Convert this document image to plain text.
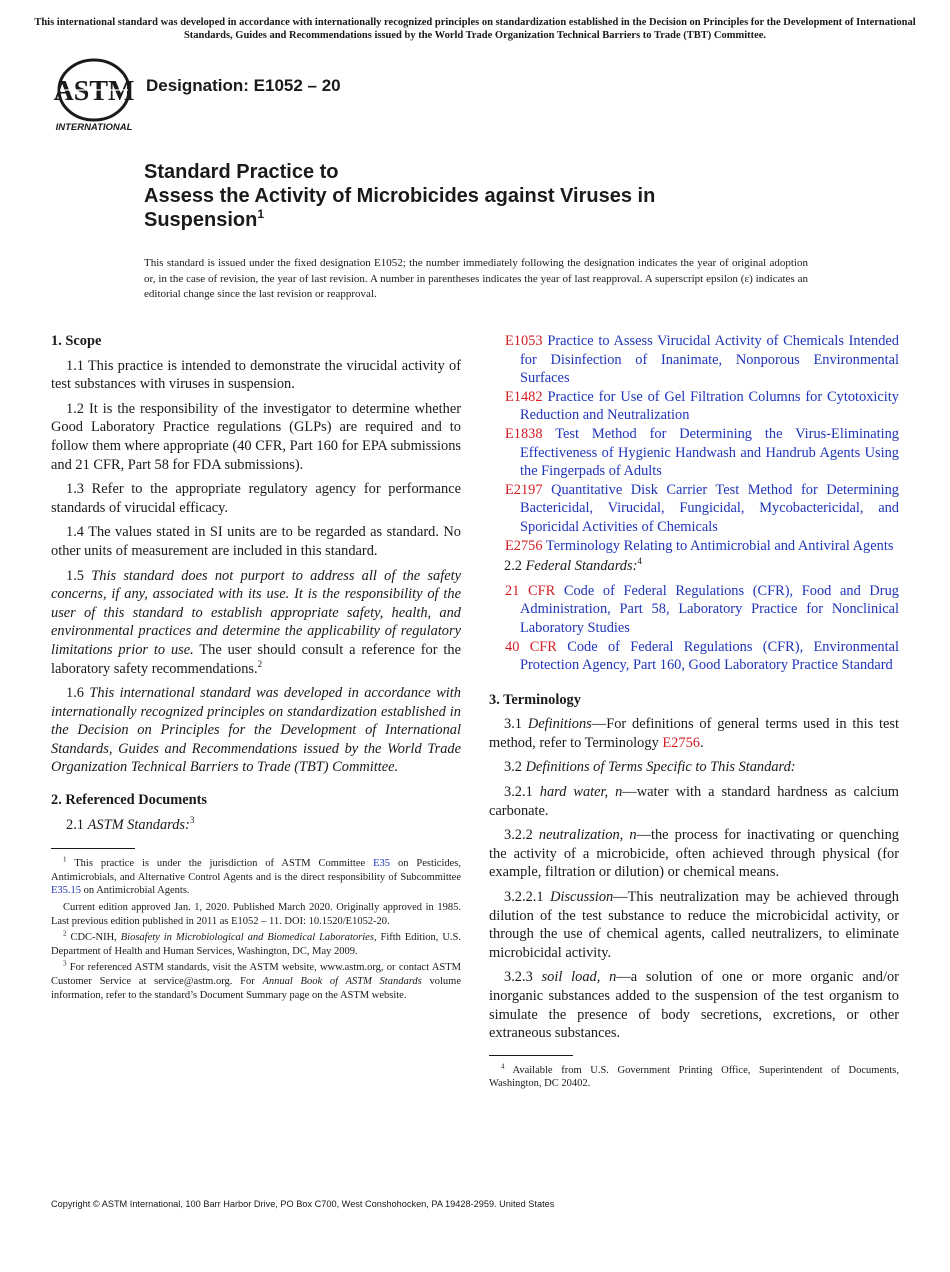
This international standard was developed in accordance with internationally recognized principles on standardization established in the Decision on Principles for the Development of International Standards, Guides and Recommendations issued by the World Trade Organization Technical Barriers to Trade (TBT) Committee.
ASTM
INTERNATIONAL
Designation: E1052 – 20
Standard Practice to
Assess the Activity of Microbicides against Viruses in
Suspension$^1$
This standard is issued under the fixed designation E1052; the number immediately following the designation indicates the year of original adoption or, in the case of revision, the year of last revision. A number in parentheses indicates the year of last reapproval. A superscript epsilon (ε) indicates an editorial change since the last revision or reapproval.
1. Scope

1.1 This practice is intended to demonstrate the virucidal activity of test substances with viruses in suspension.

1.2 It is the responsibility of the investigator to determine whether Good Laboratory Practice regulations (GLPs) are required and to follow them where appropriate (40 CFR, Part 160 for EPA submissions and 21 CFR, Part 58 for FDA submissions).

1.3 Refer to the appropriate regulatory agency for performance standards of virucidal efficacy.

1.4 The values stated in SI units are to be regarded as standard. No other units of measurement are included in this standard.

1.5 This standard does not purport to address all of the safety concerns, if any, associated with its use. It is the responsibility of the user of this standard to establish appropriate safety, health, and environmental practices and determine the applicability of regulatory limitations prior to use. The user should consult a reference for the laboratory safety recommendations.$^2$

1.6 This international standard was developed in accordance with internationally recognized principles on standardization established in the Decision on Principles for the Development of International Standards, Guides and Recommendations issued by the World Trade Organization Technical Barriers to Trade (TBT) Committee.

2. Referenced Documents

2.1 ASTM Standards:$^3$

$^1$ This practice is under the jurisdiction of ASTM Committee E35 on Pesticides, Antimicrobials, and Alternative Control Agents and is the direct responsibility of Subcommittee E35.15 on Antimicrobial Agents.

Current edition approved Jan. 1, 2020. Published March 2020. Originally approved in 1985. Last previous edition published in 2011 as E1052 – 11. DOI: 10.1520/E1052-20.

$^2$ CDC-NIH, Biosafety in Microbiological and Biomedical Laboratories, Fifth Edition, U.S. Department of Health and Human Services, Washington, DC, May 2009.

$^3$ For referenced ASTM standards, visit the ASTM website, www.astm.org, or contact ASTM Customer Service at service@astm.org. For Annual Book of ASTM Standards volume information, refer to the standard’s Document Summary page on the ASTM website.

E1053 Practice to Assess Virucidal Activity of Chemicals Intended for Disinfection of Inanimate, Nonporous Environmental Surfaces
E1482 Practice for Use of Gel Filtration Columns for Cytotoxicity Reduction and Neutralization
E1838 Test Method for Determining the Virus-Eliminating Effectiveness of Hygienic Handwash and Handrub Agents Using the Fingerpads of Adults
E2197 Quantitative Disk Carrier Test Method for Determining Bactericidal, Virucidal, Fungicidal, Mycobactericidal, and Sporicidal Activities of Chemicals
E2756 Terminology Relating to Antimicrobial and Antiviral Agents

2.2 Federal Standards:$^4$

21 CFR Code of Federal Regulations (CFR), Food and Drug Administration, Part 58, Laboratory Practice for Nonclinical Laboratory Studies
40 CFR Code of Federal Regulations (CFR), Environmental Protection Agency, Part 160, Good Laboratory Practice Standard
3. Terminology

3.1 Definitions—For definitions of general terms used in this test method, refer to Terminology E2756.

3.2 Definitions of Terms Specific to This Standard:

3.2.1 hard water, n—water with a standard hardness as calcium carbonate.

3.2.2 neutralization, n—the process for inactivating or quenching the activity of a microbicide, often achieved through physical (for example, filtration or dilution) or chemical means.

3.2.2.1 Discussion—This neutralization may be achieved through dilution of the test substance to reduce the microbicidal activity, or through the use of chemical agents, called neutralizers, to eliminate microbicidal activity.

3.2.3 soil load, n—a solution of one or more organic and/or inorganic substances added to the suspension of the test organism to simulate the presence of body secretions, excretions, or other extraneous substances.

$^4$ Available from U.S. Government Printing Office, Superintendent of Documents, Washington, DC 20402.

Copyright © ASTM International, 100 Barr Harbor Drive, PO Box C700, West Conshohocken, PA 19428-2959. United States
